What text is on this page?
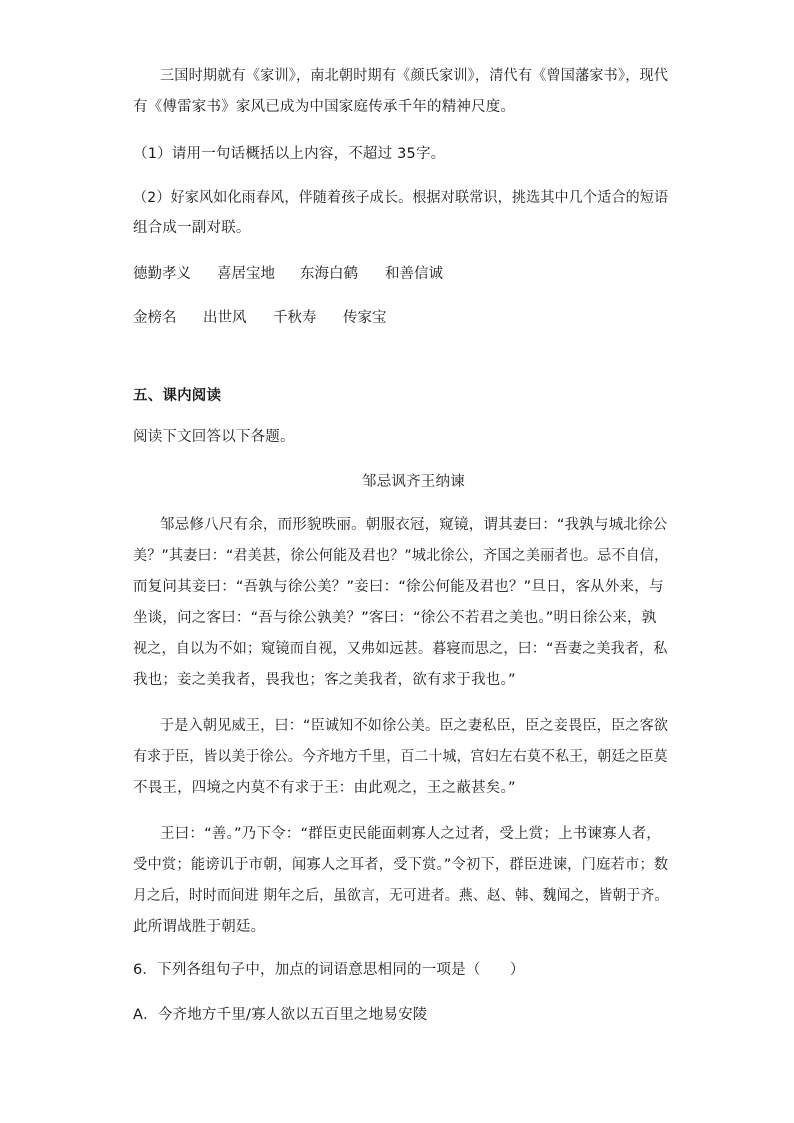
三国时期就有《家训》，南北朝时期有《颜氏家训》，清代有《曾国藩家书》，现代
有《傅雷家书》家风已成为中国家庭传承千年的精神尺度。
（1）请用一句话概括以上内容，不超过 35字。
（2）好家风如化雨春风，伴随着孩子成长。根据对联常识，挑选其中几个适合的短语
组合成一副对联。
德勤孝义 喜居宝地 东海白鹤 和善信诚
金榜名 出世风 千秋寿 传家宝
五、课内阅读
阅读下文回答以下各题。
邹忌讽齐王纳谏
邹忌修八尺有余，而形貌昳丽。朝服衣冠，窥镜，谓其妻曰：“我孰与城北徐公
美？”其妻曰：“君美甚，徐公何能及君也？”城北徐公，齐国之美丽者也。忌不自信，
而复问其妾曰：“吾孰与徐公美？”妾曰：“徐公何能及君也？”旦日，客从外来，与
坐谈，问之客曰：“吾与徐公孰美？”客曰：“徐公不若君之美也。”明日徐公来，孰
视之，自以为不如；窥镜而自视，又弗如远甚。暮寝而思之，曰：“吾妻之美我者，私
我也；妾之美我者，畏我也；客之美我者，欲有求于我也。”
于是入朝见威王，曰：“臣诚知不如徐公美。臣之妻私臣，臣之妾畏臣，臣之客欲
有求于臣，皆以美于徐公。今齐地方千里，百二十城，宫妇左右莫不私王，朝廷之臣莫
不畏王，四境之内莫不有求于王：由此观之，王之蔽甚矣。”
王曰：“善。”乃下令：“群臣吏民能面刺寡人之过者，受上赏；上书谏寡人者，
受中赏；能谤讥于市朝，闻寡人之耳者，受下赏。”令初下，群臣进谏，门庭若市；数
月之后，时时而间进 期年之后，虽欲言，无可进者。燕、赵、韩、魏闻之，皆朝于齐。
此所谓战胜于朝廷。
6．下列各组句子中，加点的词语意思相同的一项是（　　）
A．今齐地方千里/寡人欲以五百里之地易安陵
